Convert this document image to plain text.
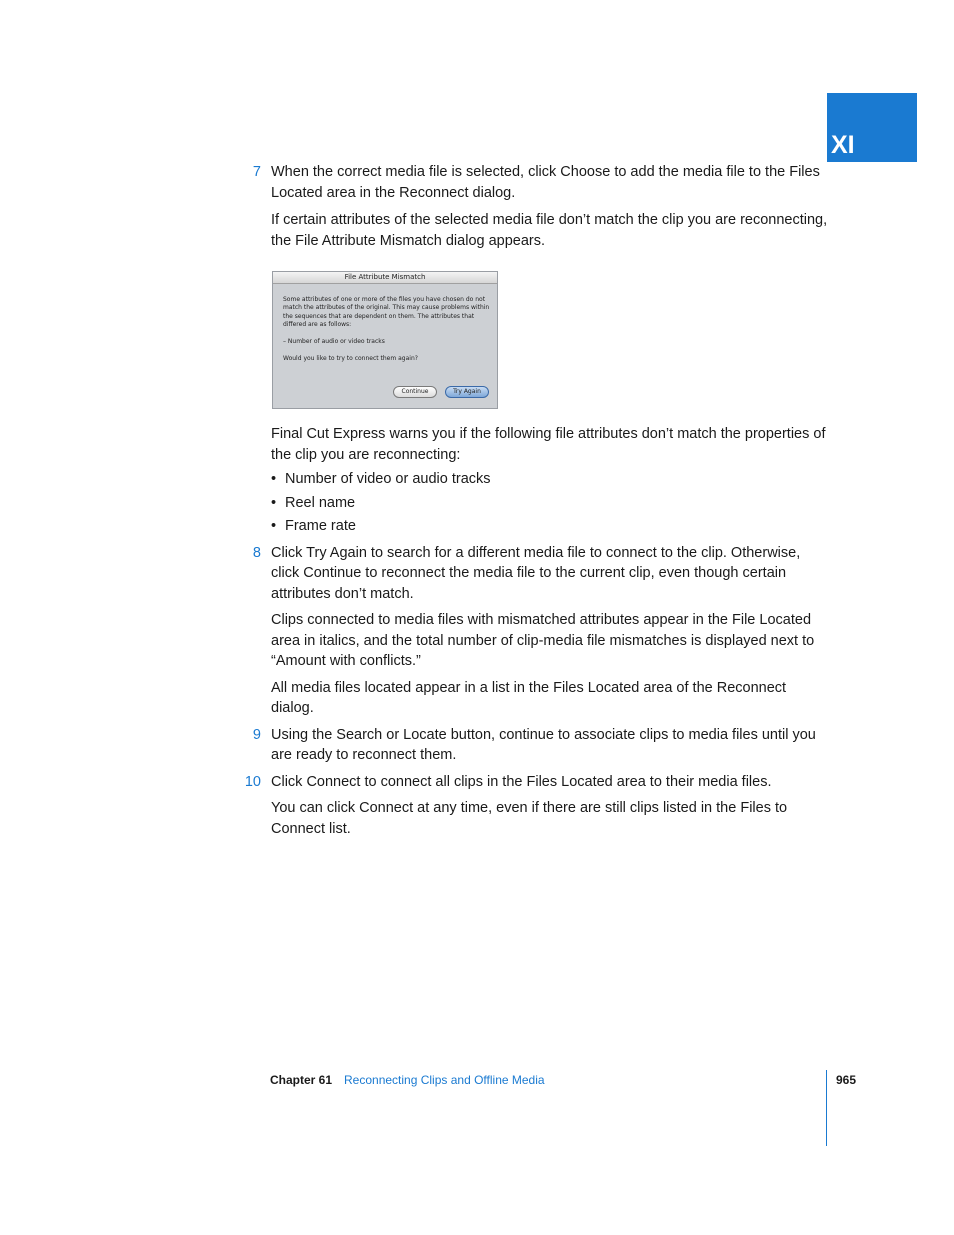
XI
7 When the correct media file is selected, click Choose to add the media file to the Files Located area in the Reconnect dialog.

If certain attributes of the selected media file don’t match the clip you are reconnecting, the File Attribute Mismatch dialog appears.

File Attribute Mismatch

Some attributes of one or more of the files you have chosen do not match the attributes of the original. This may cause problems within the sequences that are dependent on them. The attributes that differed are as follows:

– Number of audio or video tracks

Would you like to try to connect them again?

Continue	Try Again

Final Cut Express warns you if the following file attributes don’t match the properties of the clip you are reconnecting:

• Number of video or audio tracks
• Reel name
• Frame rate
8 Click Try Again to search for a different media file to connect to the clip. Otherwise, click Continue to reconnect the media file to the current clip, even though certain attributes don’t match.

Clips connected to media files with mismatched attributes appear in the File Located area in italics, and the total number of clip-media file mismatches is displayed next to “Amount with conflicts.”

All media files located appear in a list in the Files Located area of the Reconnect dialog.

9 Using the Search or Locate button, continue to associate clips to media files until you are ready to reconnect them.

10 Click Connect to connect all clips in the Files Located area to their media files.

You can click Connect at any time, even if there are still clips listed in the Files to Connect list.

Chapter 61 Reconnecting Clips and Offline Media	965
